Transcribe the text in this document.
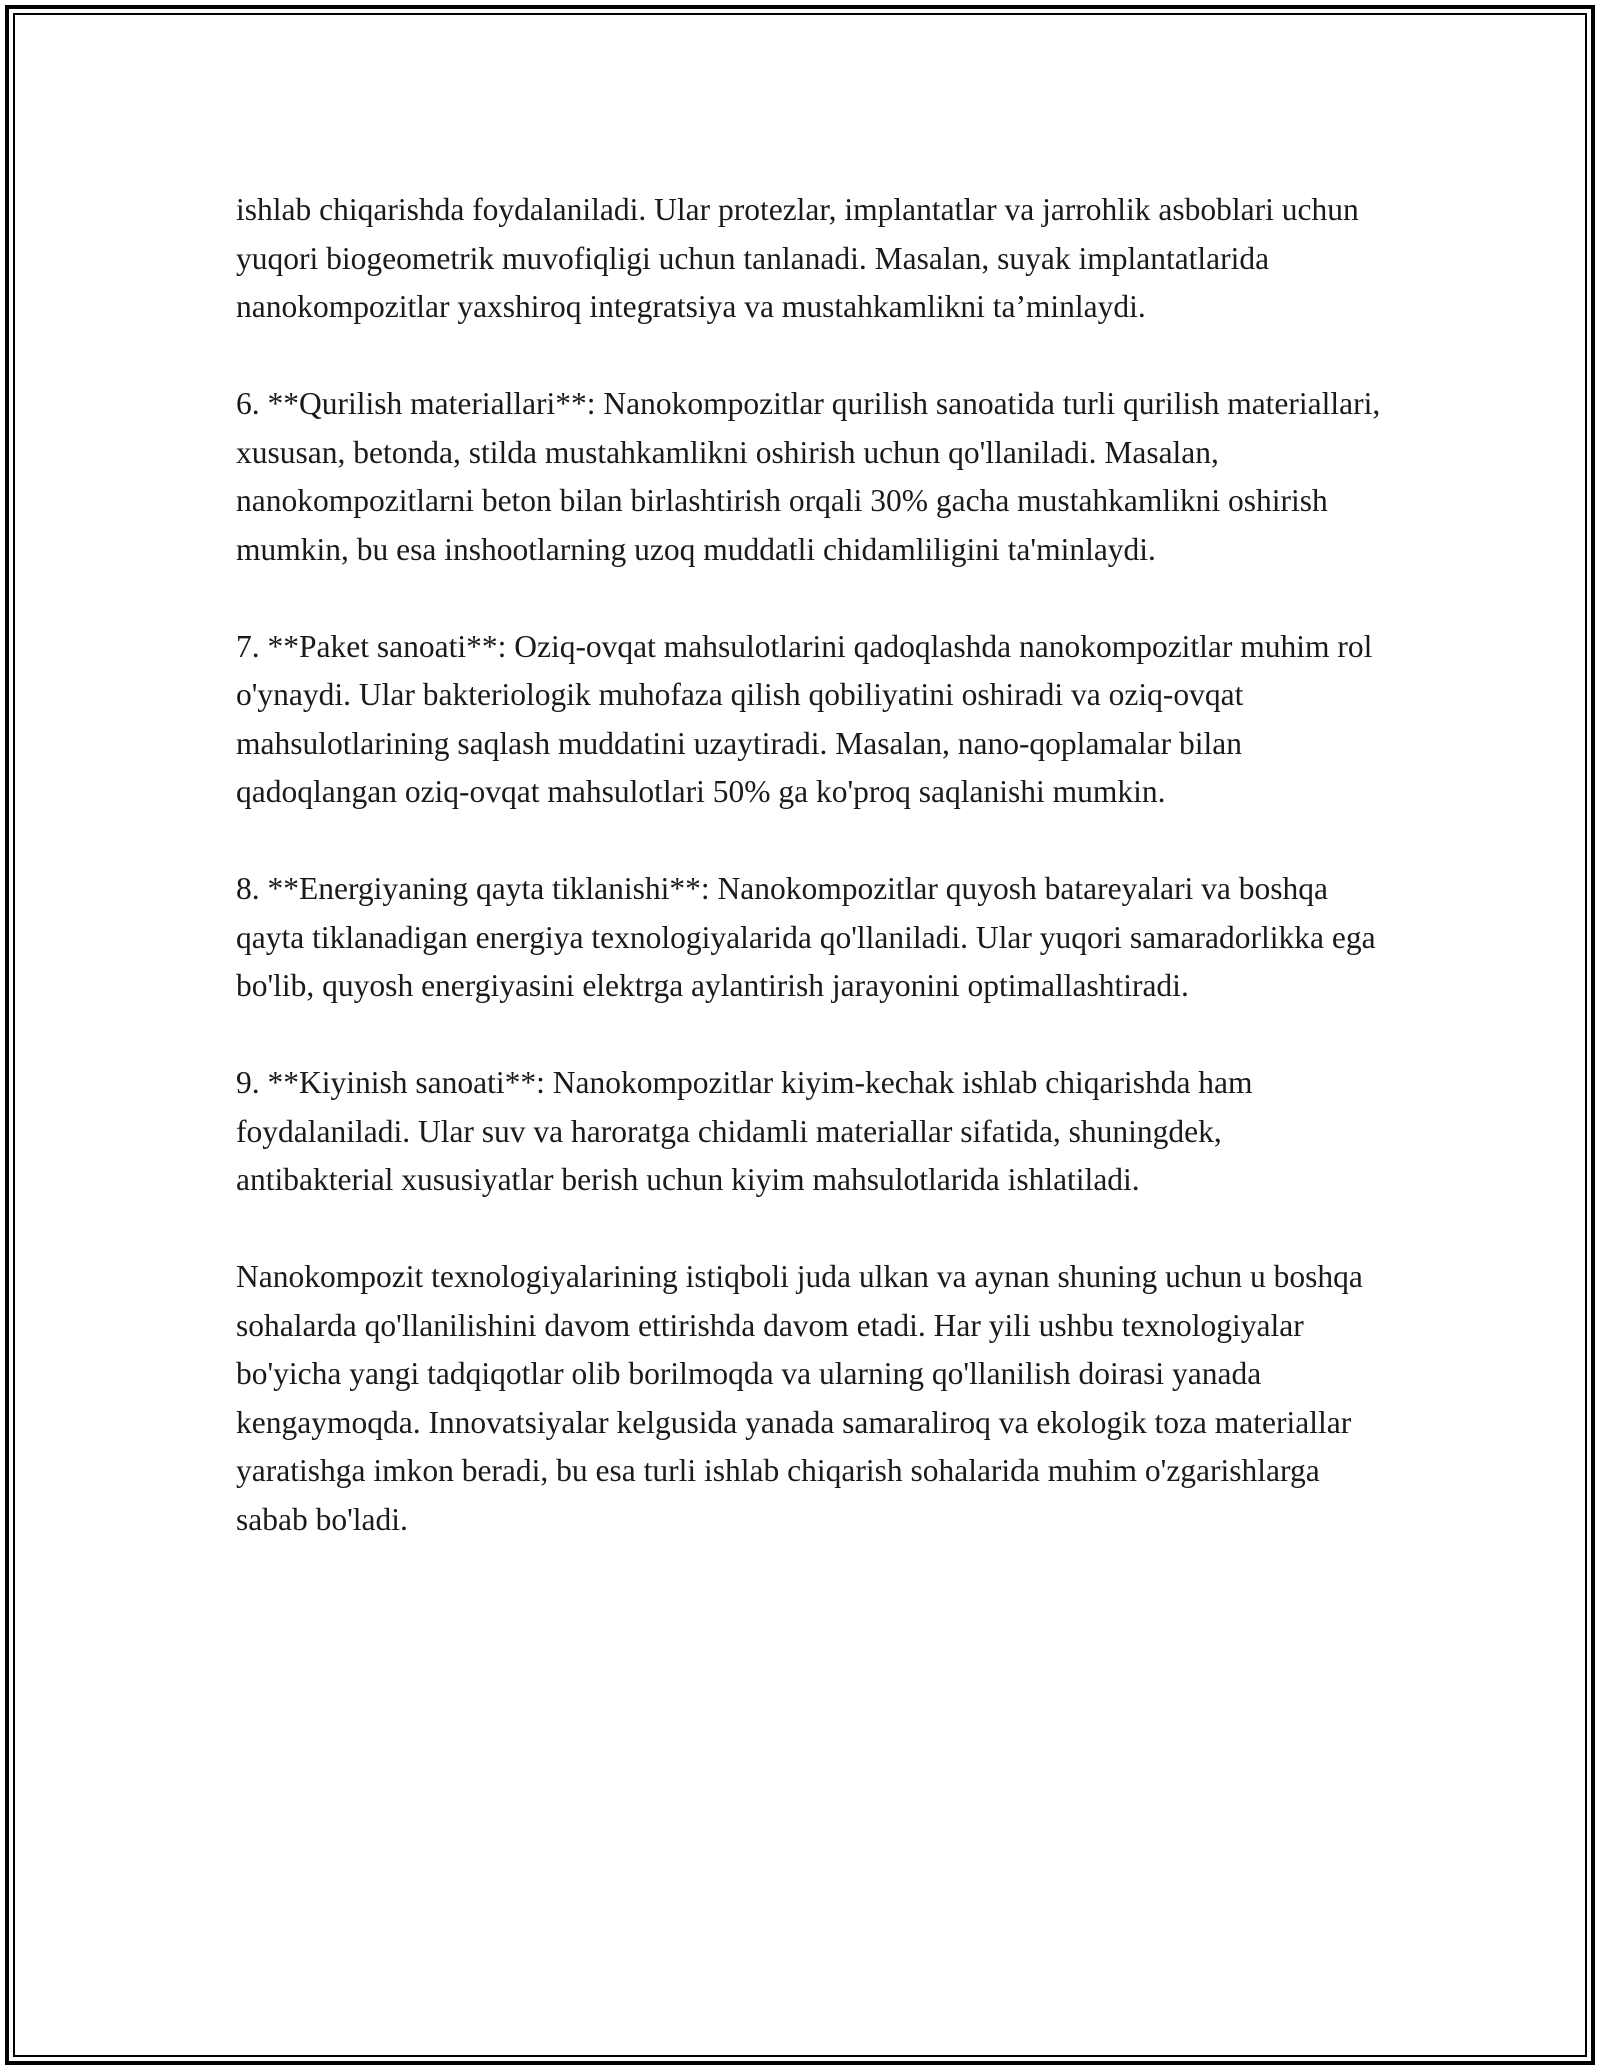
ishlab chiqarishda foydalaniladi. Ular protezlar, implantatlar va jarrohlik asboblari uchun yuqori biogeometrik muvofiqligi uchun tanlanadi. Masalan, suyak implantatlarida nanokompozitlar yaxshiroq integratsiya va mustahkamlikni ta’minlaydi.

6. **Qurilish materiallari**: Nanokompozitlar qurilish sanoatida turli qurilish materiallari, xususan, betonda, stilda mustahkamlikni oshirish uchun qo'llaniladi. Masalan, nanokompozitlarni beton bilan birlashtirish orqali 30% gacha mustahkamlikni oshirish mumkin, bu esa inshootlarning uzoq muddatli chidamliligini ta'minlaydi.

7. **Paket sanoati**: Oziq-ovqat mahsulotlarini qadoqlashda nanokompozitlar muhim rol o'ynaydi. Ular bakteriologik muhofaza qilish qobiliyatini oshiradi va oziq-ovqat mahsulotlarining saqlash muddatini uzaytiradi. Masalan, nano-qoplamalar bilan qadoqlangan oziq-ovqat mahsulotlari 50% ga ko'proq saqlanishi mumkin.

8. **Energiyaning qayta tiklanishi**: Nanokompozitlar quyosh batareyalari va boshqa qayta tiklanadigan energiya texnologiyalarida qo'llaniladi. Ular yuqori samaradorlikka ega bo'lib, quyosh energiyasini elektrga aylantirish jarayonini optimallashtiradi.

9. **Kiyinish sanoati**: Nanokompozitlar kiyim-kechak ishlab chiqarishda ham foydalaniladi. Ular suv va haroratga chidamli materiallar sifatida, shuningdek, antibakterial xususiyatlar berish uchun kiyim mahsulotlarida ishlatiladi.

Nanokompozit texnologiyalarining istiqboli juda ulkan va aynan shuning uchun u boshqa sohalarda qo'llanilishini davom ettirishda davom etadi. Har yili ushbu texnologiyalar bo'yicha yangi tadqiqotlar olib borilmoqda va ularning qo'llanilish doirasi yanada kengaymoqda. Innovatsiyalar kelgusida yanada samaraliroq va ekologik toza materiallar yaratishga imkon beradi, bu esa turli ishlab chiqarish sohalarida muhim o'zgarishlarga sabab bo'ladi.
